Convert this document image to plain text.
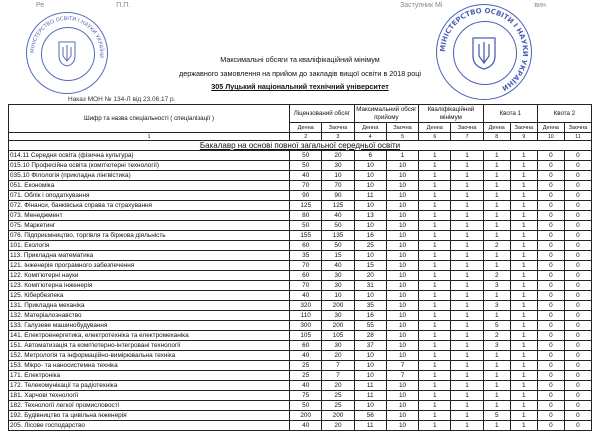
Ре	П.П.	Заступник Мі	вин
МІНІСТЕРСТВО ОСВІТИ І НАУКИ УКРАЇНИ
МІНІСТЕРСТВО ОСВІТИ І НАУКИ УКРАЇНИ
Максимальні обсяги та кваліфікаційний мінімум
державного замовлення на прийом до закладів вищої освіти в 2018 році
305 Луцький національний технічний університет
Наказ МОН № 134-Л від 23.06.17 р.
Шифр та назва спеціальності ( спеціалізації )	Ліцензований обсяг		Максимальний обсяг прийому		Кваліфікаційний мінімум		Квота 1		Квота 2	
	Денна	Заочна	Денна	Заочна	Денна	Заочна	Денна	Заочна	Денна	Заочна
1	2	3	4	5	6	7	8	9	10	11
Бакалавр на основі повної загальної середньої освіти										
014.11 Середня освіта (фізична культура)	50	20	6	1	1	1	1	1	0	0
015.10 Професійна освіта (комп'ютерні технології)	50	30	10	10	1	1	1	1	0	0
035.10 Філологія (прикладна лінгвістика)	40	10	10	10	1	1	1	1	0	0
051. Економіка	70	70	10	10	1	1	1	1	0	0
071. Облік і оподаткування	90	90	11	10	1	1	1	1	0	0
072. Фінанси, банківська справа та страхування	125	125	10	10	1	1	1	1	0	0
073. Менеджмент	80	40	13	10	1	1	1	1	0	0
075. Маркетинг	50	50	10	10	1	1	1	1	0	0
076. Підприємництво, торгівля та біржова діяльність	155	135	16	10	1	1	1	1	0	0
101. Екологія	60	50	25	10	1	1	2	1	0	0
113. Прикладна математика	35	15	10	10	1	1	1	1	0	0
121. Інженерія програмного забезпечення	70	40	15	10	1	1	1	1	0	0
122. Комп'ютерні науки	60	30	20	10	1	1	2	1	0	0
123. Комп'ютерна інженерія	70	30	31	10	1	1	3	1	0	0
125. Кібербезпека	40	10	10	10	1	1	1	1	0	0
131. Прикладна механіка	320	200	35	10	1	1	3	1	0	0
132. Матеріалознавство	110	30	16	10	1	1	1	1	0	0
133. Галузеве машинобудування	300	200	55	10	1	1	5	1	0	0
141. Електроенергетика, електротехніка та електромеханіка	105	105	28	10	1	1	2	1	0	0
151. Автоматизація та комп'ютерно-інтегровані технології	60	30	37	10	1	1	3	1	0	0
152. Метрологія та інформаційно-вимірювальна техніка	40	20	10	10	1	1	1	1	0	0
153. Мікро- та наносистемна техніка	25	7	10	7	1	1	1	1	0	0
171. Електроніка	25	7	10	7	1	1	1	1	0	0
172. Телекомунікації та радіотехніка	40	20	11	10	1	1	1	1	0	0
181. Харчові технології	75	25	11	10	1	1	1	1	0	0
182. Технології легкої промисловості	50	25	10	10	1	1	1	1	0	0
192. Будівництво та цивільна інженерія	200	200	56	10	1	1	5	1	0	0
205. Лісове господарство	40	20	11	10	1	1	1	1	0	0
